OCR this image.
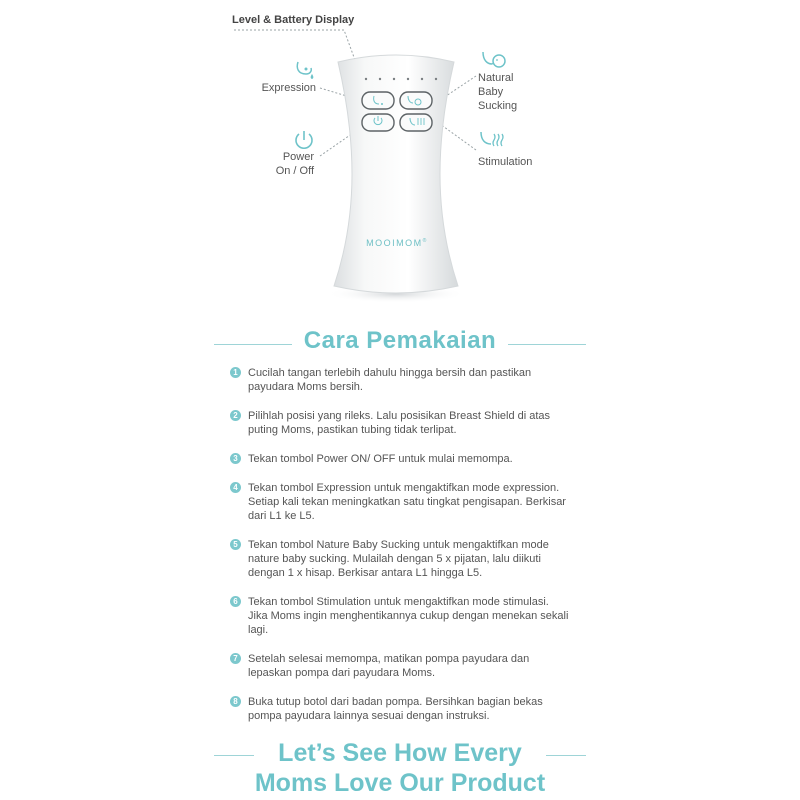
Level & Battery Display
Expression
Power
On / Off
Natural
Baby
Sucking
Stimulation
MOOIMOM®
Cara Pemakaian
1 Cucilah tangan terlebih dahulu hingga bersih dan pastikan payudara Moms bersih.
2 Pilihlah posisi yang rileks. Lalu posisikan Breast Shield di atas puting Moms, pastikan tubing tidak terlipat.
3 Tekan tombol Power ON/ OFF untuk mulai memompa.
4 Tekan tombol Expression untuk mengaktifkan mode expression. Setiap kali tekan meningkatkan satu tingkat pengisapan. Berkisar dari L1 ke L5.
5 Tekan tombol Nature Baby Sucking untuk mengaktifkan mode nature baby sucking. Mulailah dengan 5 x pijatan, lalu diikuti dengan 1 x hisap. Berkisar antara L1 hingga L5.
6 Tekan tombol Stimulation untuk mengaktifkan mode stimulasi. Jika Moms ingin menghentikannya cukup dengan menekan sekali lagi.
7 Setelah selesai memompa, matikan pompa payudara dan lepaskan pompa dari payudara Moms.
8 Buka tutup botol dari badan pompa. Bersihkan bagian bekas pompa payudara lainnya sesuai dengan instruksi.
Let’s See How Every
Moms Love Our Product
